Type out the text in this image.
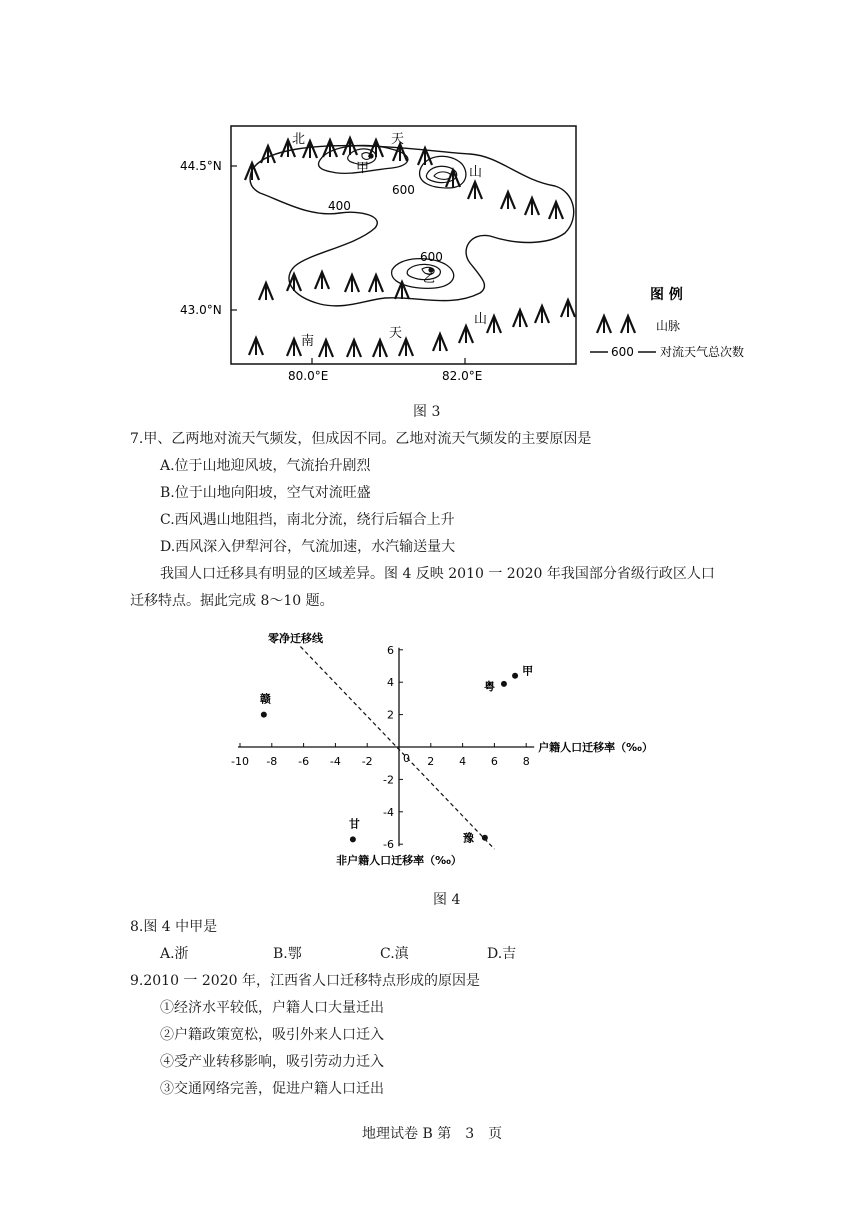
44.5°N
43.0°N
80.0°E	82.0°E
北	天
山
甲
乙
南
天
山
600
400
600
图 例
山脉
600 对流天气总次数
图 3
7.甲、乙两地对流天气频发，但成因不同。乙地对流天气频发的主要原因是
A.位于山地迎风坡，气流抬升剧烈
B.位于山地向阳坡，空气对流旺盛
C.西风遇山地阻挡，南北分流，绕行后辐合上升
D.西风深入伊犁河谷，气流加速，水汽输送量大
我国人口迁移具有明显的区域差异。图 4 反映 2010 一 2020 年我国部分省级行政区人口
迁移特点。据此完成 8～10 题。
-10 -8 -6 -4 -2	2 4 6 8
0
6
4
2
-2
-4
-6
零净迁移线
户籍人口迁移率（‰）
非户籍人口迁移率（‰）
甲
粤
赣
甘
豫
图 4
8.图 4 中甲是
A.浙	B.鄂	C.滇	D.吉
9.2010 一 2020 年，江西省人口迁移特点形成的原因是
①经济水平较低，户籍人口大量迁出
②户籍政策宽松，吸引外来人口迁入
④受产业转移影响，吸引劳动力迁入
③交通网络完善，促进户籍人口迁出
地理试卷 B 第　3　页
